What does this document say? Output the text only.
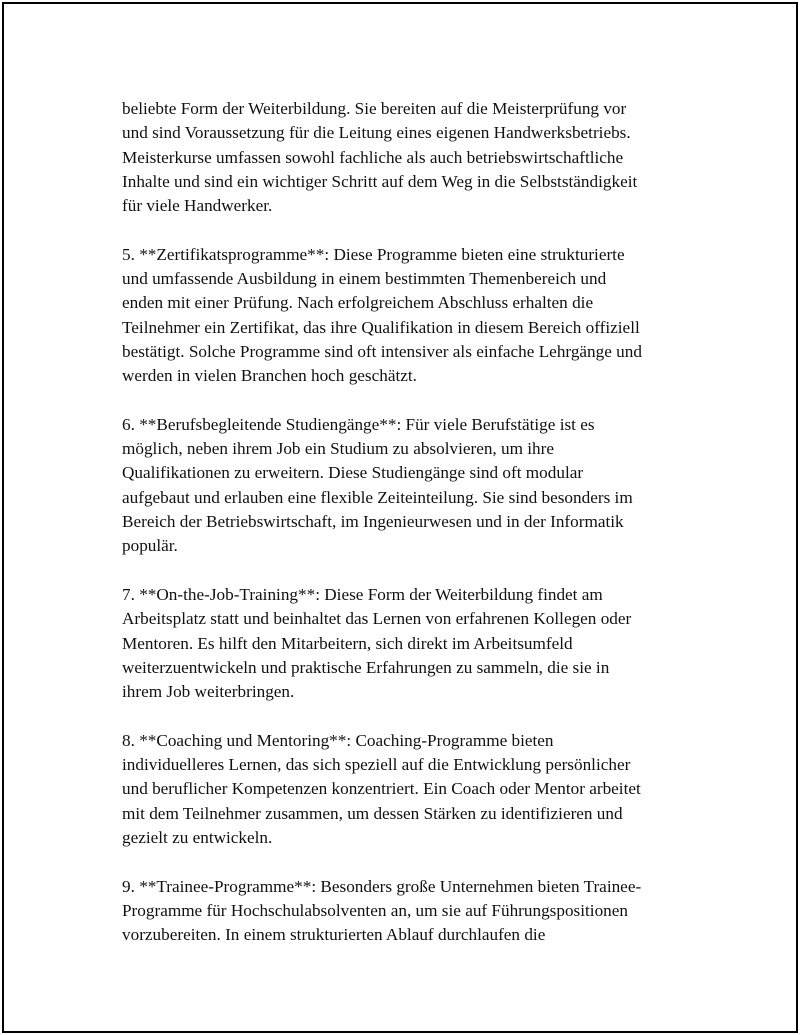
beliebte Form der Weiterbildung. Sie bereiten auf die Meisterprüfung vor
und sind Voraussetzung für die Leitung eines eigenen Handwerksbetriebs.
Meisterkurse umfassen sowohl fachliche als auch betriebswirtschaftliche
Inhalte und sind ein wichtiger Schritt auf dem Weg in die Selbstständigkeit
für viele Handwerker.

5. **Zertifikatsprogramme**: Diese Programme bieten eine strukturierte
und umfassende Ausbildung in einem bestimmten Themenbereich und
enden mit einer Prüfung. Nach erfolgreichem Abschluss erhalten die
Teilnehmer ein Zertifikat, das ihre Qualifikation in diesem Bereich offiziell
bestätigt. Solche Programme sind oft intensiver als einfache Lehrgänge und
werden in vielen Branchen hoch geschätzt.

6. **Berufsbegleitende Studiengänge**: Für viele Berufstätige ist es
möglich, neben ihrem Job ein Studium zu absolvieren, um ihre
Qualifikationen zu erweitern. Diese Studiengänge sind oft modular
aufgebaut und erlauben eine flexible Zeiteinteilung. Sie sind besonders im
Bereich der Betriebswirtschaft, im Ingenieurwesen und in der Informatik
populär.

7. **On-the-Job-Training**: Diese Form der Weiterbildung findet am
Arbeitsplatz statt und beinhaltet das Lernen von erfahrenen Kollegen oder
Mentoren. Es hilft den Mitarbeitern, sich direkt im Arbeitsumfeld
weiterzuentwickeln und praktische Erfahrungen zu sammeln, die sie in
ihrem Job weiterbringen.

8. **Coaching und Mentoring**: Coaching-Programme bieten
individuelleres Lernen, das sich speziell auf die Entwicklung persönlicher
und beruflicher Kompetenzen konzentriert. Ein Coach oder Mentor arbeitet
mit dem Teilnehmer zusammen, um dessen Stärken zu identifizieren und
gezielt zu entwickeln.

9. **Trainee-Programme**: Besonders große Unternehmen bieten Trainee-
Programme für Hochschulabsolventen an, um sie auf Führungspositionen
vorzubereiten. In einem strukturierten Ablauf durchlaufen die
